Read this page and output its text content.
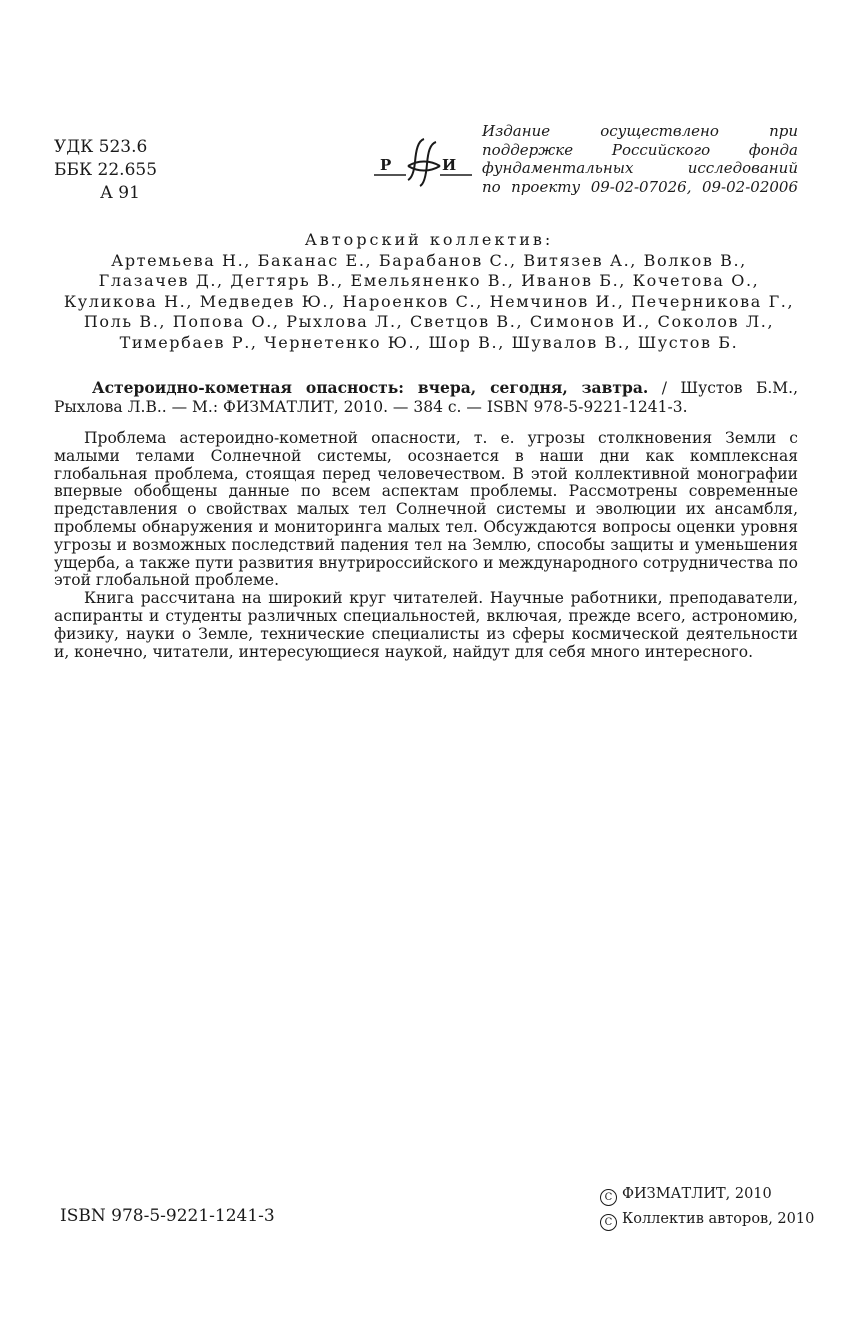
УДК 523.6
ББК 22.655
А 91
Р	И
Издание осуществлено при
поддержке Российского фонда
фундаментальных исследований
по проекту 09-02-07026, 09-02-02006
Авторский коллектив:
Артемьева Н., Баканас Е., Барабанов С., Витязев А., Волков В.,
Глазачев Д., Дегтярь В., Емельяненко В., Иванов Б., Кочетова О.,
Куликова Н., Медведев Ю., Нароенков С., Немчинов И., Печерникова Г.,
Поль В., Попова О., Рыхлова Л., Светцов В., Симонов И., Соколов Л.,
Тимербаев Р., Чернетенко Ю., Шор В., Шувалов В., Шустов Б.
Астероидно-кометная опасность: вчера, сегодня, завтра. / Шустов Б.М., Рыхлова Л.В.. — М.: ФИЗМАТЛИТ, 2010. — 384 с. — ISBN 978-5-9221-1241-3.

Проблема астероидно-кометной опасности, т. е. угрозы столкновения Земли с малыми телами Солнечной системы, осознается в наши дни как комплексная глобальная проблема, стоящая перед человечеством. В этой коллективной монографии впервые обобщены данные по всем аспектам проблемы. Рассмотрены современные представления о свойствах малых тел Солнечной системы и эволюции их ансамбля, проблемы обнаружения и мониторинга малых тел. Обсуждаются вопросы оценки уровня угрозы и возможных последствий падения тел на Землю, способы защиты и уменьшения ущерба, а также пути развития внутрироссийского и международного сотрудничества по этой глобальной проблеме.

Книга рассчитана на широкий круг читателей. Научные работники, преподаватели, аспиранты и студенты различных специальностей, включая, прежде всего, астрономию, физику, науки о Земле, технические специалисты из сферы космической деятельности и, конечно, читатели, интересующиеся наукой, найдут для себя много интересного.

ISBN 978-5-9221-1241-3
C ФИЗМАТЛИТ, 2010
C Коллектив авторов, 2010
